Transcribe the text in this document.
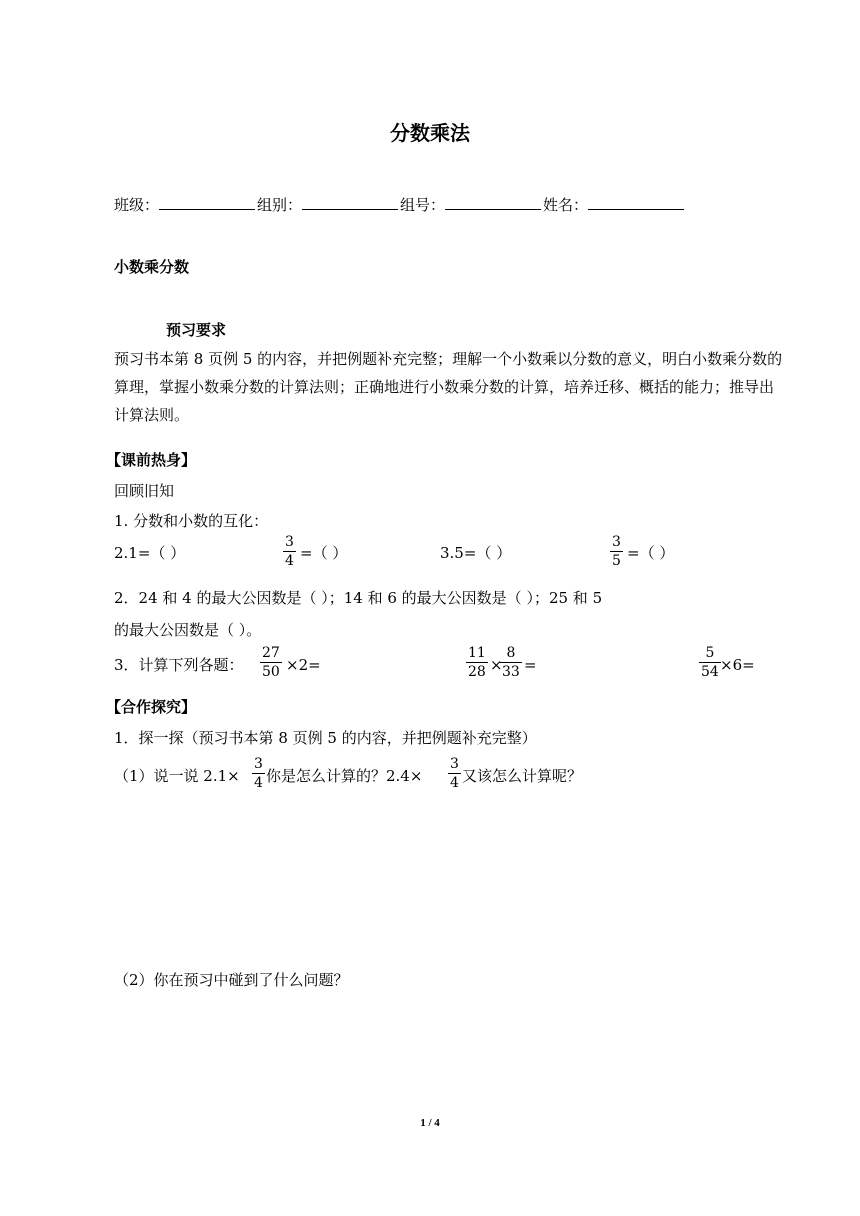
分数乘法
班级：	组别：	组号：	姓名：
小数乘分数
预习要求
预习书本第 8 页例 5 的内容，并把例题补充完整；理解一个小数乘以分数的意义，明白小数乘分数的算理，掌握小数乘分数的计算法则；正确地进行小数乘分数的计算，培养迁移、概括的能力；推导出计算法则。
【课前热身】
回顾旧知
1. 分数和小数的互化：
2.1=（ ）
3
4 =（ ）	3.5=（ ）
3
5 =（ ）
2．24 和 4 的最大公因数是（ ）；14 和 6 的最大公因数是（ ）；25 和 5
的最大公因数是（ ）。
3．计算下列各题：
27
50 ×2=
11
28 ×
8
33 =
5
54 ×6=
【合作探究】
1．探一探（预习书本第 8 页例 5 的内容，并把例题补充完整）
（1）说一说 2.1×
3
4 你是怎么计算的？2.4×
3
4 又该怎么计算呢？
（2）你在预习中碰到了什么问题？
1 / 4
